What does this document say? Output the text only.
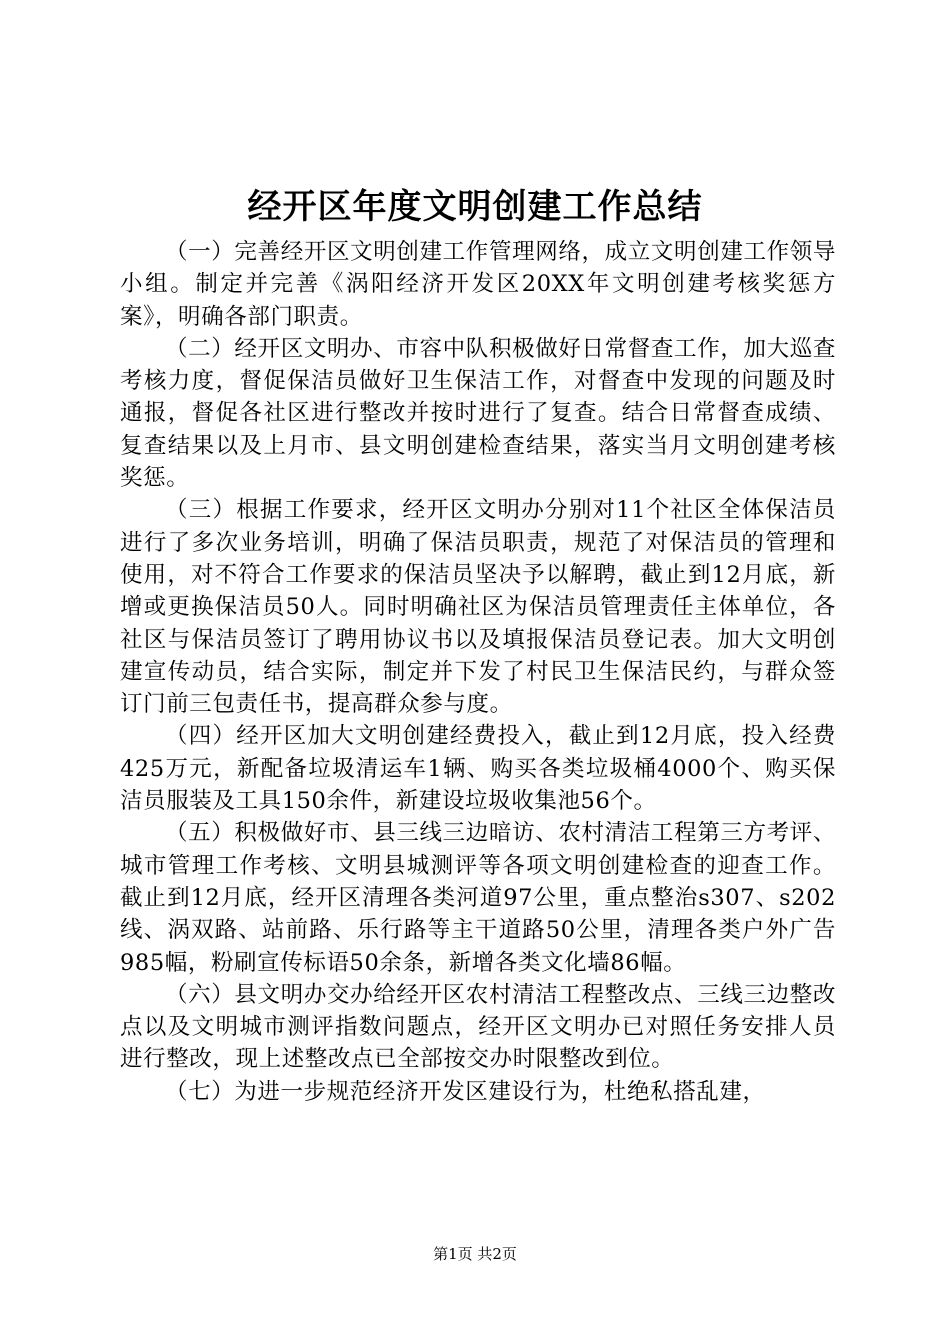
经开区年度文明创建工作总结

（一）完善经开区文明创建工作管理网络，成立文明创建工作领导小组。制定并完善《涡阳经济开发区20XX年文明创建考核奖惩方案》，明确各部门职责。

（二）经开区文明办、市容中队积极做好日常督查工作，加大巡查考核力度，督促保洁员做好卫生保洁工作，对督查中发现的问题及时通报，督促各社区进行整改并按时进行了复查。结合日常督查成绩、复查结果以及上月市、县文明创建检查结果，落实当月文明创建考核奖惩。

（三）根据工作要求，经开区文明办分别对11个社区全体保洁员进行了多次业务培训，明确了保洁员职责，规范了对保洁员的管理和使用，对不符合工作要求的保洁员坚决予以解聘，截止到12月底，新增或更换保洁员50人。同时明确社区为保洁员管理责任主体单位，各社区与保洁员签订了聘用协议书以及填报保洁员登记表。加大文明创建宣传动员，结合实际，制定并下发了村民卫生保洁民约，与群众签订门前三包责任书，提高群众参与度。

（四）经开区加大文明创建经费投入，截止到12月底，投入经费425万元，新配备垃圾清运车1辆、购买各类垃圾桶4000个、购买保洁员服装及工具150余件，新建设垃圾收集池56个。

（五）积极做好市、县三线三边暗访、农村清洁工程第三方考评、城市管理工作考核、文明县城测评等各项文明创建检查的迎查工作。截止到12月底，经开区清理各类河道97公里，重点整治s307、s202线、涡双路、站前路、乐行路等主干道路50公里，清理各类户外广告985幅，粉刷宣传标语50余条，新增各类文化墙86幅。

（六）县文明办交办给经开区农村清洁工程整改点、三线三边整改点以及文明城市测评指数问题点，经开区文明办已对照任务安排人员进行整改，现上述整改点已全部按交办时限整改到位。

（七）为进一步规范经济开发区建设行为，杜绝私搭乱建，

第1页 共2页
